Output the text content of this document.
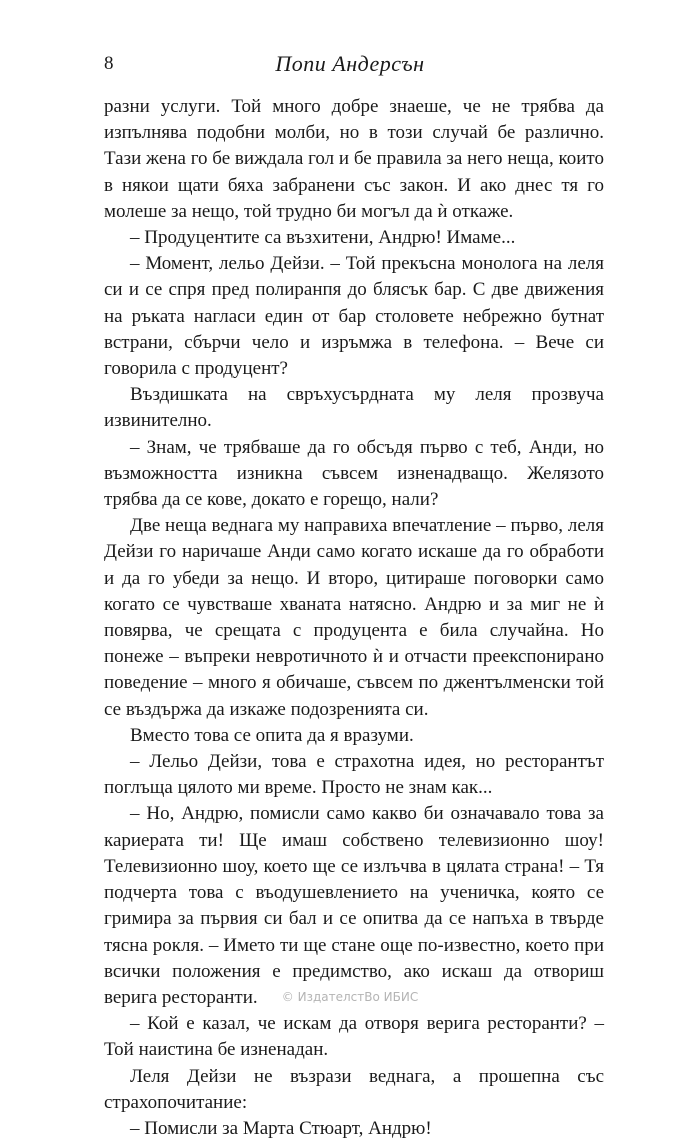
8	Попи Андерсън

разни услуги. Той много добре знаеше, че не трябва да изпълнява подобни молби, но в този случай бе различно. Тази жена го бе виждала гол и бе правила за него неща, които в някои щати бяха забранени със закон. И ако днес тя го молеше за нещо, той трудно би могъл да ѝ откаже.

– Продуцентите са възхитени, Андрю! Имаме...

– Момент, лельо Дейзи. – Той прекъсна монолога на леля си и се спря пред полиранпя до блясък бар. С две движения на ръката нагласи един от бар столовете небрежно бутнат встрани, сбърчи чело и изръмжа в телефона. – Вече си говорила с продуцент?

Въздишката на свръхусърдната му леля прозвуча извинително.

– Знам, че трябваше да го обсъдя първо с теб, Анди, но възможността изникна съвсем изненадващо. Желязото трябва да се кове, докато е горещо, нали?

Две неща веднага му направиха впечатление – първо, леля Дейзи го наричаше Анди само когато искаше да го обработи и да го убеди за нещо. И второ, цитираше поговорки само когато се чувстваше хваната натясно. Андрю и за миг не ѝ повярва, че срещата с продуцента е била случайна. Но понеже – въпреки невротичното ѝ и отчасти преекспонирано поведение – много я обичаше, съвсем по джентълменски той се въздържа да изкаже подозренията си.

Вместо това се опита да я вразуми.

– Лельо Дейзи, това е страхотна идея, но ресторантът поглъща цялото ми време. Просто не знам как...

– Но, Андрю, помисли само какво би означавало това за кариерата ти! Ще имаш собствено телевизионно шоу! Телевизионно шоу, което ще се излъчва в цялата страна! – Тя подчерта това с въодушевлението на ученичка, която се гримира за първия си бал и се опитва да се напъха в твърде тясна рокля. – Името ти ще стане още по-известно, което при всички положения е предимство, ако искаш да отвориш верига ресторанти.

– Кой е казал, че искам да отворя верига ресторанти? – Той наистина бе изненадан.

Леля Дейзи не възрази веднага, а прошепна със страхопочитание:

– Помисли за Марта Стюарт, Андрю!

© ИздателстВо ИБИС
